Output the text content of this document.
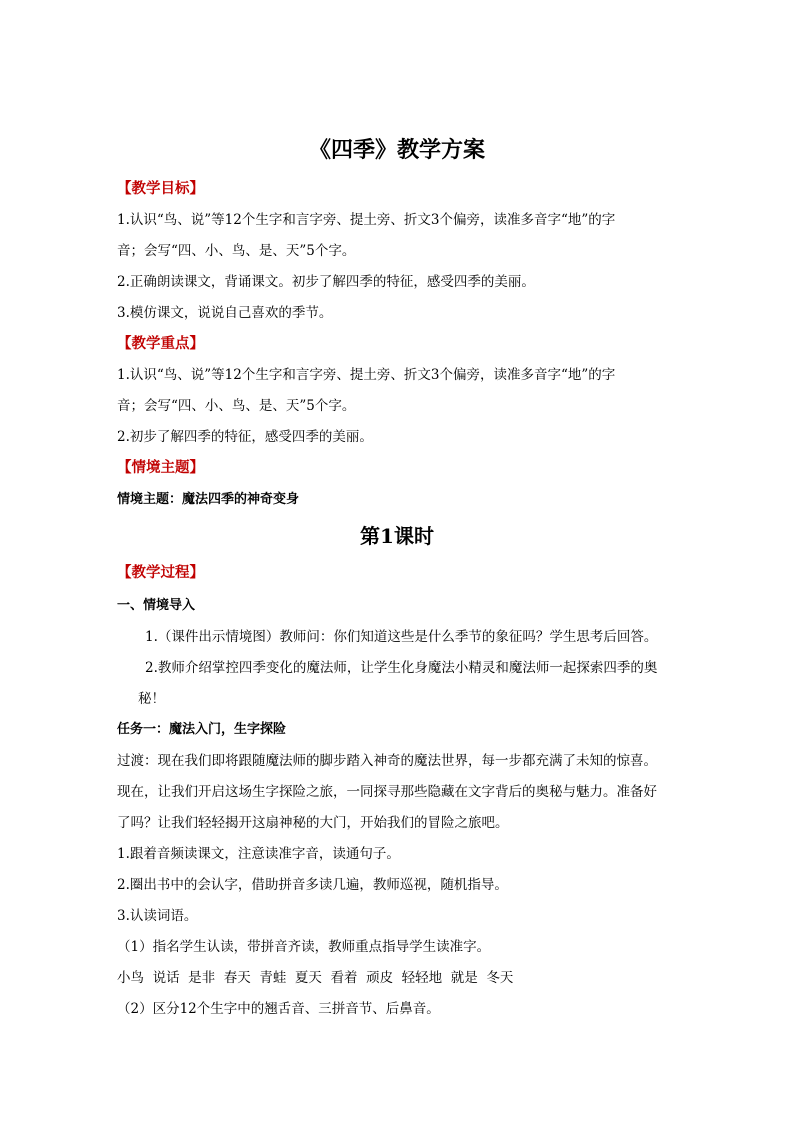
《四季》教学方案
【教学目标】
1.认识“鸟、说”等12个生字和言字旁、提土旁、折文3个偏旁，读准多音字“地”的字
音；会写“四、小、鸟、是、天”5个字。
2.正确朗读课文，背诵课文。初步了解四季的特征，感受四季的美丽。
3.模仿课文，说说自己喜欢的季节。
【教学重点】
1.认识“鸟、说”等12个生字和言字旁、提土旁、折文3个偏旁，读准多音字“地”的字
音；会写“四、小、鸟、是、天”5个字。
2.初步了解四季的特征，感受四季的美丽。
【情境主题】
情境主题：魔法四季的神奇变身
第1课时
【教学过程】
一、情境导入
1.（课件出示情境图）教师问：你们知道这些是什么季节的象征吗？学生思考后回答。
2.教师介绍掌控四季变化的魔法师，让学生化身魔法小精灵和魔法师一起探索四季的奥
秘！
任务一：魔法入门，生字探险
过渡：现在我们即将跟随魔法师的脚步踏入神奇的魔法世界，每一步都充满了未知的惊喜。
现在，让我们开启这场生字探险之旅，一同探寻那些隐藏在文字背后的奥秘与魅力。准备好
了吗？让我们轻轻揭开这扇神秘的大门，开始我们的冒险之旅吧。
1.跟着音频读课文，注意读准字音，读通句子。
2.圈出书中的会认字，借助拼音多读几遍，教师巡视，随机指导。
3.认读词语。
（1）指名学生认读，带拼音齐读，教师重点指导学生读准字。
小鸟  说话  是非  春天  青蛙  夏天  看着  顽皮  轻轻地  就是  冬天
（2）区分12个生字中的翘舌音、三拼音节、后鼻音。
